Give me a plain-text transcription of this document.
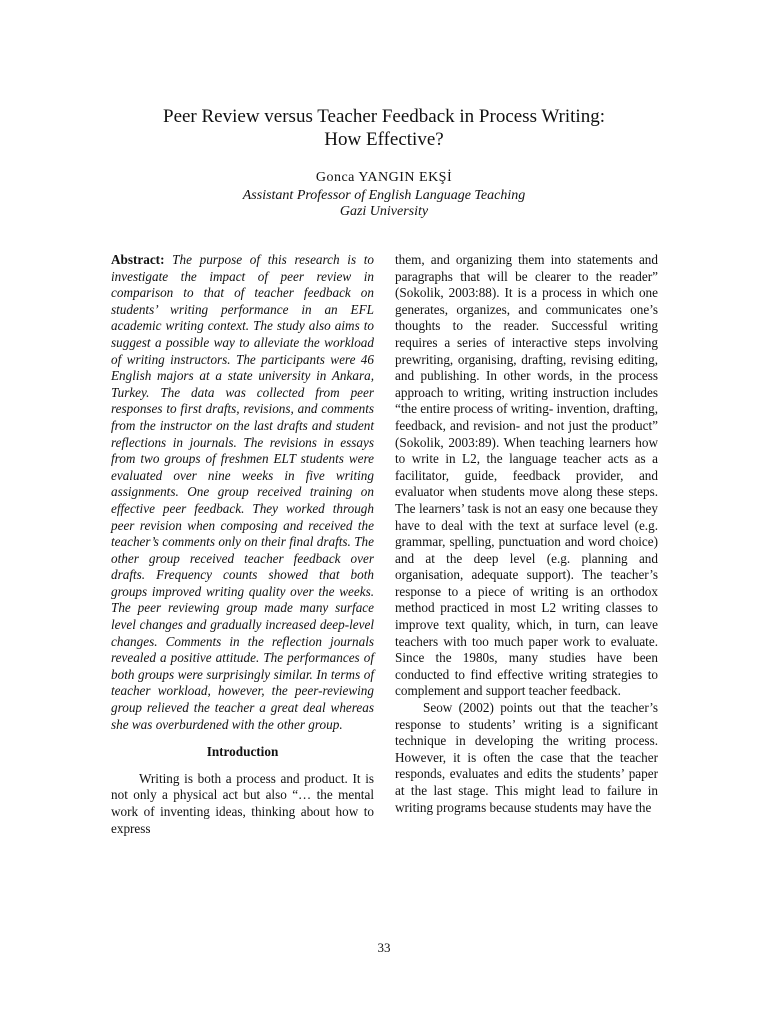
Peer Review versus Teacher Feedback in Process Writing:
How Effective?
Gonca YANGIN EKŞİ
Assistant Professor of English Language Teaching
Gazi University

Abstract: The purpose of this research is to investigate the impact of peer review in comparison to that of teacher feedback on students’ writing performance in an EFL academic writing context. The study also aims to suggest a possible way to alleviate the workload of writing instructors. The participants were 46 English majors at a state university in Ankara, Turkey. The data was collected from peer responses to first drafts, revisions, and comments from the instructor on the last drafts and student reflections in journals. The revisions in essays from two groups of freshmen ELT students were evaluated over nine weeks in five writing assignments. One group received training on effective peer feedback. They worked through peer revision when composing and received the teacher’s comments only on their final drafts. The other group received teacher feedback over drafts. Frequency counts showed that both groups improved writing quality over the weeks. The peer reviewing group made many surface level changes and gradually increased deep-level changes. Comments in the reflection journals revealed a positive attitude. The performances of both groups were surprisingly similar. In terms of teacher workload, however, the peer-reviewing group relieved the teacher a great deal whereas she was overburdened with the other group.

Introduction

Writing is both a process and product. It is not only a physical act but also “… the mental work of inventing ideas, thinking about how to express

them, and organizing them into statements and paragraphs that will be clearer to the reader” (Sokolik, 2003:88). It is a process in which one generates, organizes, and communicates one’s thoughts to the reader. Successful writing requires a series of interactive steps involving prewriting, organising, drafting, revising editing, and publishing. In other words, in the process approach to writing, writing instruction includes “the entire process of writing- invention, drafting, feedback, and revision- and not just the product” (Sokolik, 2003:89). When teaching learners how to write in L2, the language teacher acts as a facilitator, guide, feedback provider, and evaluator when students move along these steps. The learners’ task is not an easy one because they have to deal with the text at surface level (e.g. grammar, spelling, punctuation and word choice) and at the deep level (e.g. planning and organisation, adequate support). The teacher’s response to a piece of writing is an orthodox method practiced in most L2 writing classes to improve text quality, which, in turn, can leave teachers with too much paper work to evaluate. Since the 1980s, many studies have been conducted to find effective writing strategies to complement and support teacher feedback.

Seow (2002) points out that the teacher’s response to students’ writing is a significant technique in developing the writing process. However, it is often the case that the teacher responds, evaluates and edits the students’ paper at the last stage. This might lead to failure in writing programs because students may have the

33
